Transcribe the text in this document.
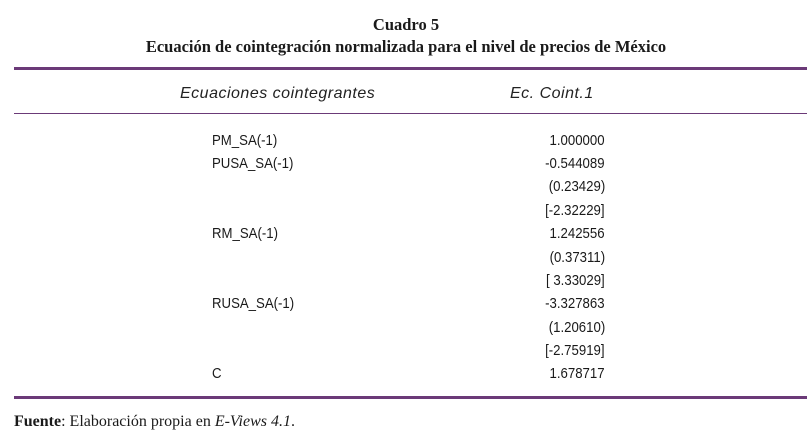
Cuadro 5
Ecuación de cointegración normalizada para el nivel de precios de México
Ecuaciones cointegrantes	Ec. Coint.1
PM_SA(-1)	1.000000
PUSA_SA(-1)	-0.544089
(0.23429)
[-2.32229]
RM_SA(-1)	1.242556
(0.37311)
[ 3.33029]
RUSA_SA(-1)	-3.327863
(1.20610)
[-2.75919]
C	1.678717
Fuente: Elaboración propia en E-Views 4.1.
